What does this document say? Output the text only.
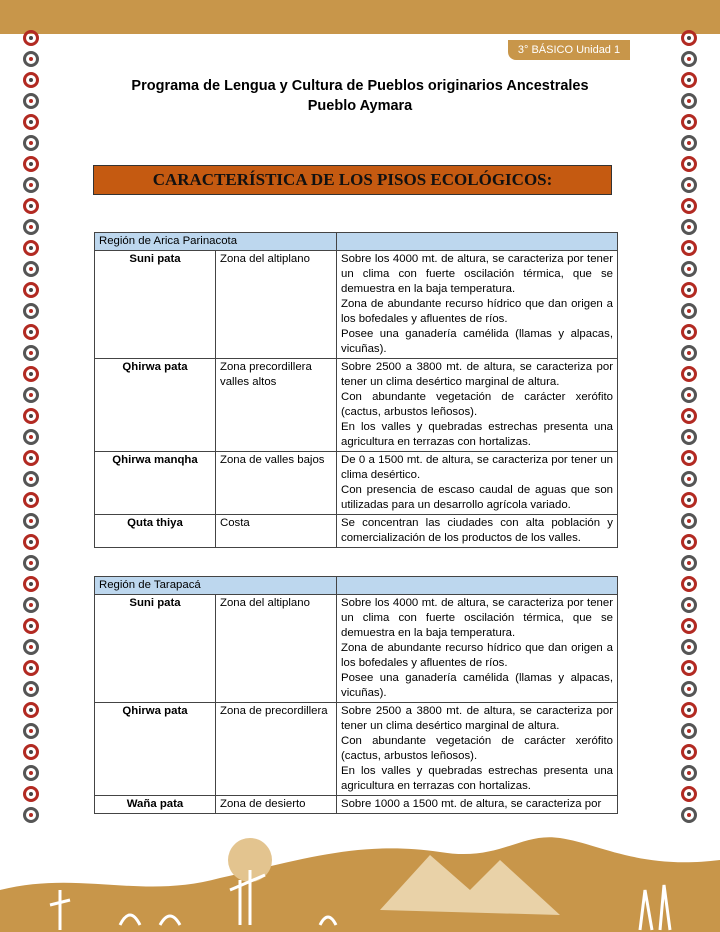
3° BÁSICO Unidad 1
Programa de Lengua y Cultura de Pueblos originarios Ancestrales
Pueblo Aymara
CARACTERÍSTICA DE LOS PISOS ECOLÓGICOS:
Región de Arica Parinacota		
Suni pata	Zona del altiplano	Sobre los 4000 mt. de altura, se caracteriza por tener un clima con fuerte oscilación térmica, que se demuestra en la baja temperatura.
Zona de abundante recurso hídrico que dan origen a los bofedales y afluentes de ríos.
Posee una ganadería camélida (llamas y alpacas, vicuñas).

Qhirwa pata	Zona precordillera valles altos	Sobre 2500 a 3800 mt. de altura, se caracteriza por tener un clima desértico marginal de altura.
Con abundante vegetación de carácter xerófito (cactus, arbustos leñosos).
En los valles y quebradas estrechas presenta una agricultura en terrazas con hortalizas.

Qhirwa manqha	Zona de valles bajos	De 0 a 1500 mt. de altura, se caracteriza por tener un clima desértico.
Con presencia de escaso caudal de aguas que son utilizadas para un desarrollo agrícola variado.

Quta thiya	Costa	Se concentran las ciudades con alta población y comercialización de los productos de los valles.
Región de Tarapacá		
Suni pata	Zona del altiplano	Sobre los 4000 mt. de altura, se caracteriza por tener un clima con fuerte oscilación térmica, que se demuestra en la baja temperatura.
Zona de abundante recurso hídrico que dan origen a los bofedales y afluentes de ríos.
Posee una ganadería camélida (llamas y alpacas, vicuñas).

Qhirwa pata	Zona de precordillera	Sobre 2500 a 3800 mt. de altura, se caracteriza por tener un clima desértico marginal de altura.
Con abundante vegetación de carácter xerófito (cactus, arbustos leñosos).
En los valles y quebradas estrechas presenta una agricultura en terrazas con hortalizas.

Waña pata	Zona de desierto	Sobre 1000 a 1500 mt. de altura, se caracteriza por
